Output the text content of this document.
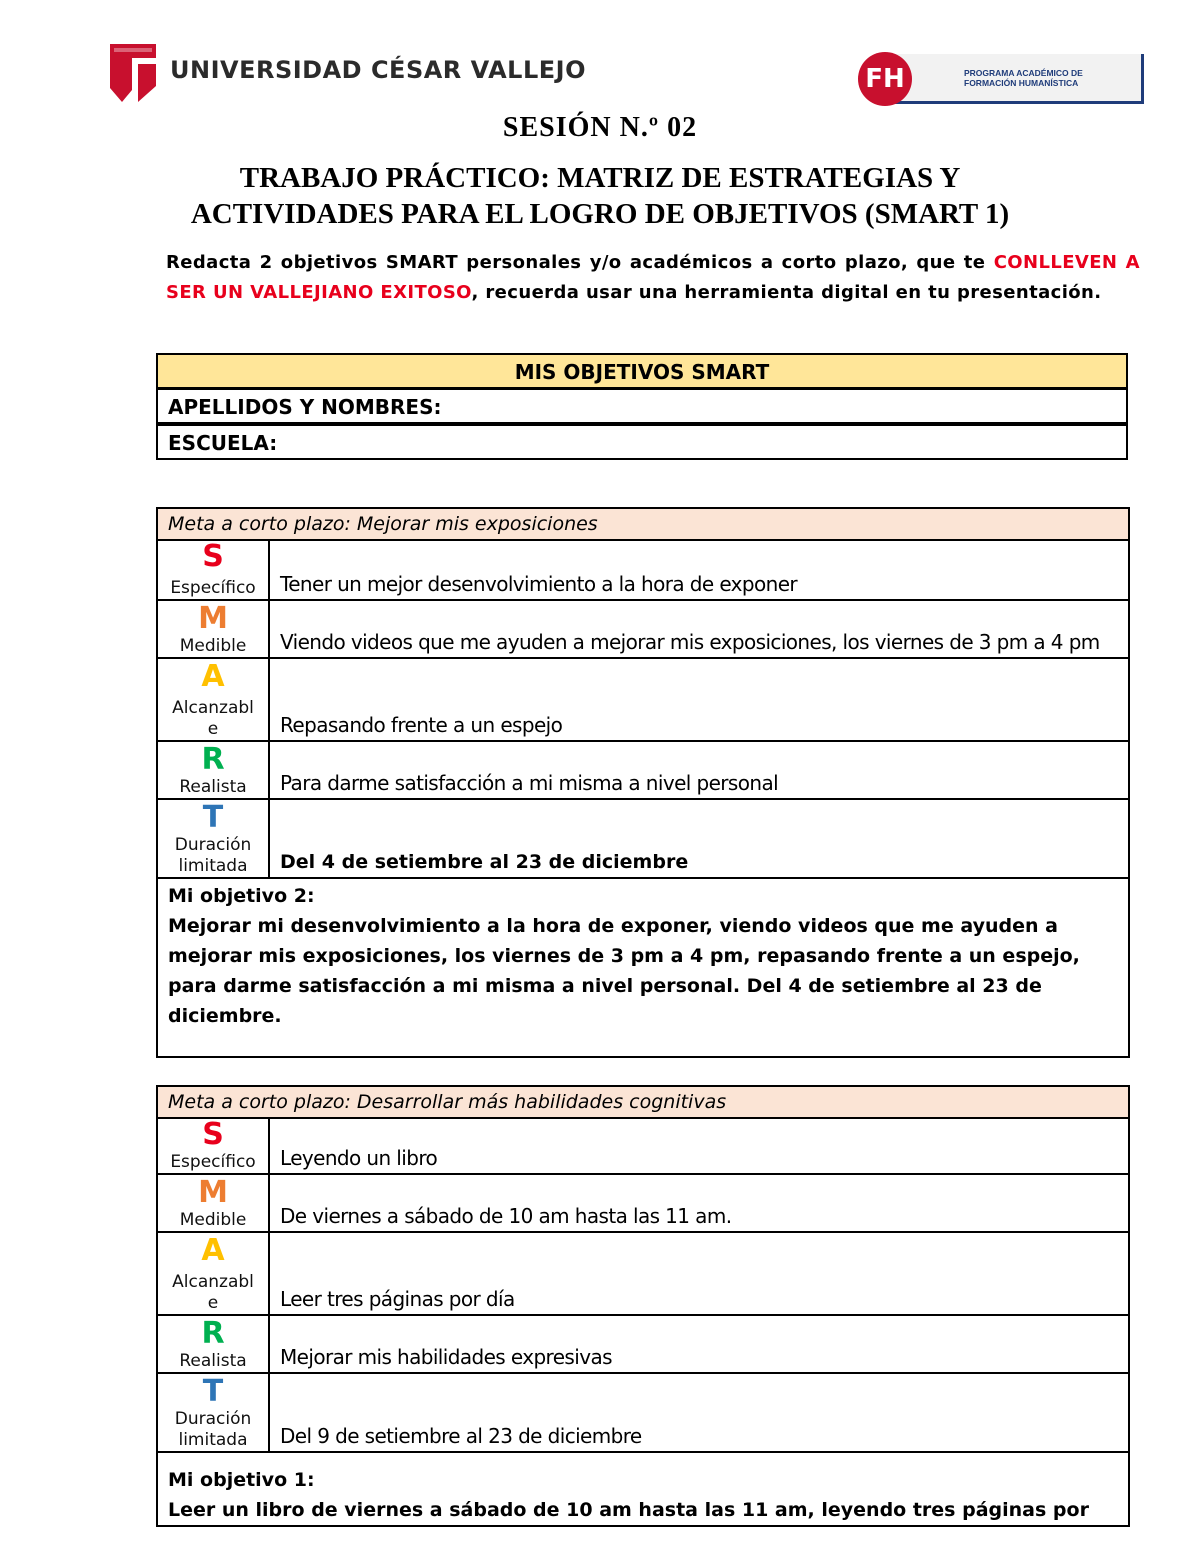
UNIVERSIDAD CÉSAR VALLEJO	FH	PROGRAMA ACADÉMICO DE
FORMACIÓN HUMANÍSTICA
SESIÓN N.º 02
TRABAJO PRÁCTICO: MATRIZ DE ESTRATEGIAS Y
ACTIVIDADES PARA EL LOGRO DE OBJETIVOS (SMART 1)
Redacta 2 objetivos SMART personales y/o académicos a corto plazo, que te CONLLEVEN A SER UN VALLEJIANO EXITOSO, recuerda usar una herramienta digital en tu presentación.
MIS OBJETIVOS SMART
APELLIDOS Y NOMBRES:
ESCUELA:
Meta a corto plazo: Mejorar mis exposiciones
S
Específico	Tener un mejor desenvolvimiento a la hora de exponer
M
Medible	Viendo videos que me ayuden a mejorar mis exposiciones, los viernes de 3 pm a 4 pm
A
Alcanzable	Repasando frente a un espejo
R
Realista	Para darme satisfacción a mi misma a nivel personal
T
Duración limitada	Del 4 de setiembre al 23 de diciembre
Mi objetivo 2:
Mejorar mi desenvolvimiento a la hora de exponer, viendo videos que me ayuden a mejorar mis exposiciones, los viernes de 3 pm a 4 pm, repasando frente a un espejo, para darme satisfacción a mi misma a nivel personal. Del 4 de setiembre al 23 de diciembre.
Meta a corto plazo: Desarrollar más habilidades cognitivas
S
Específico	Leyendo un libro
M
Medible	De viernes a sábado de 10 am hasta las 11 am.
A
Alcanzable	Leer tres páginas por día
R
Realista	Mejorar mis habilidades expresivas
T
Duración limitada	Del 9 de setiembre al 23 de diciembre
Mi objetivo 1:
Leer un libro de viernes a sábado de 10 am hasta las 11 am, leyendo tres páginas por
